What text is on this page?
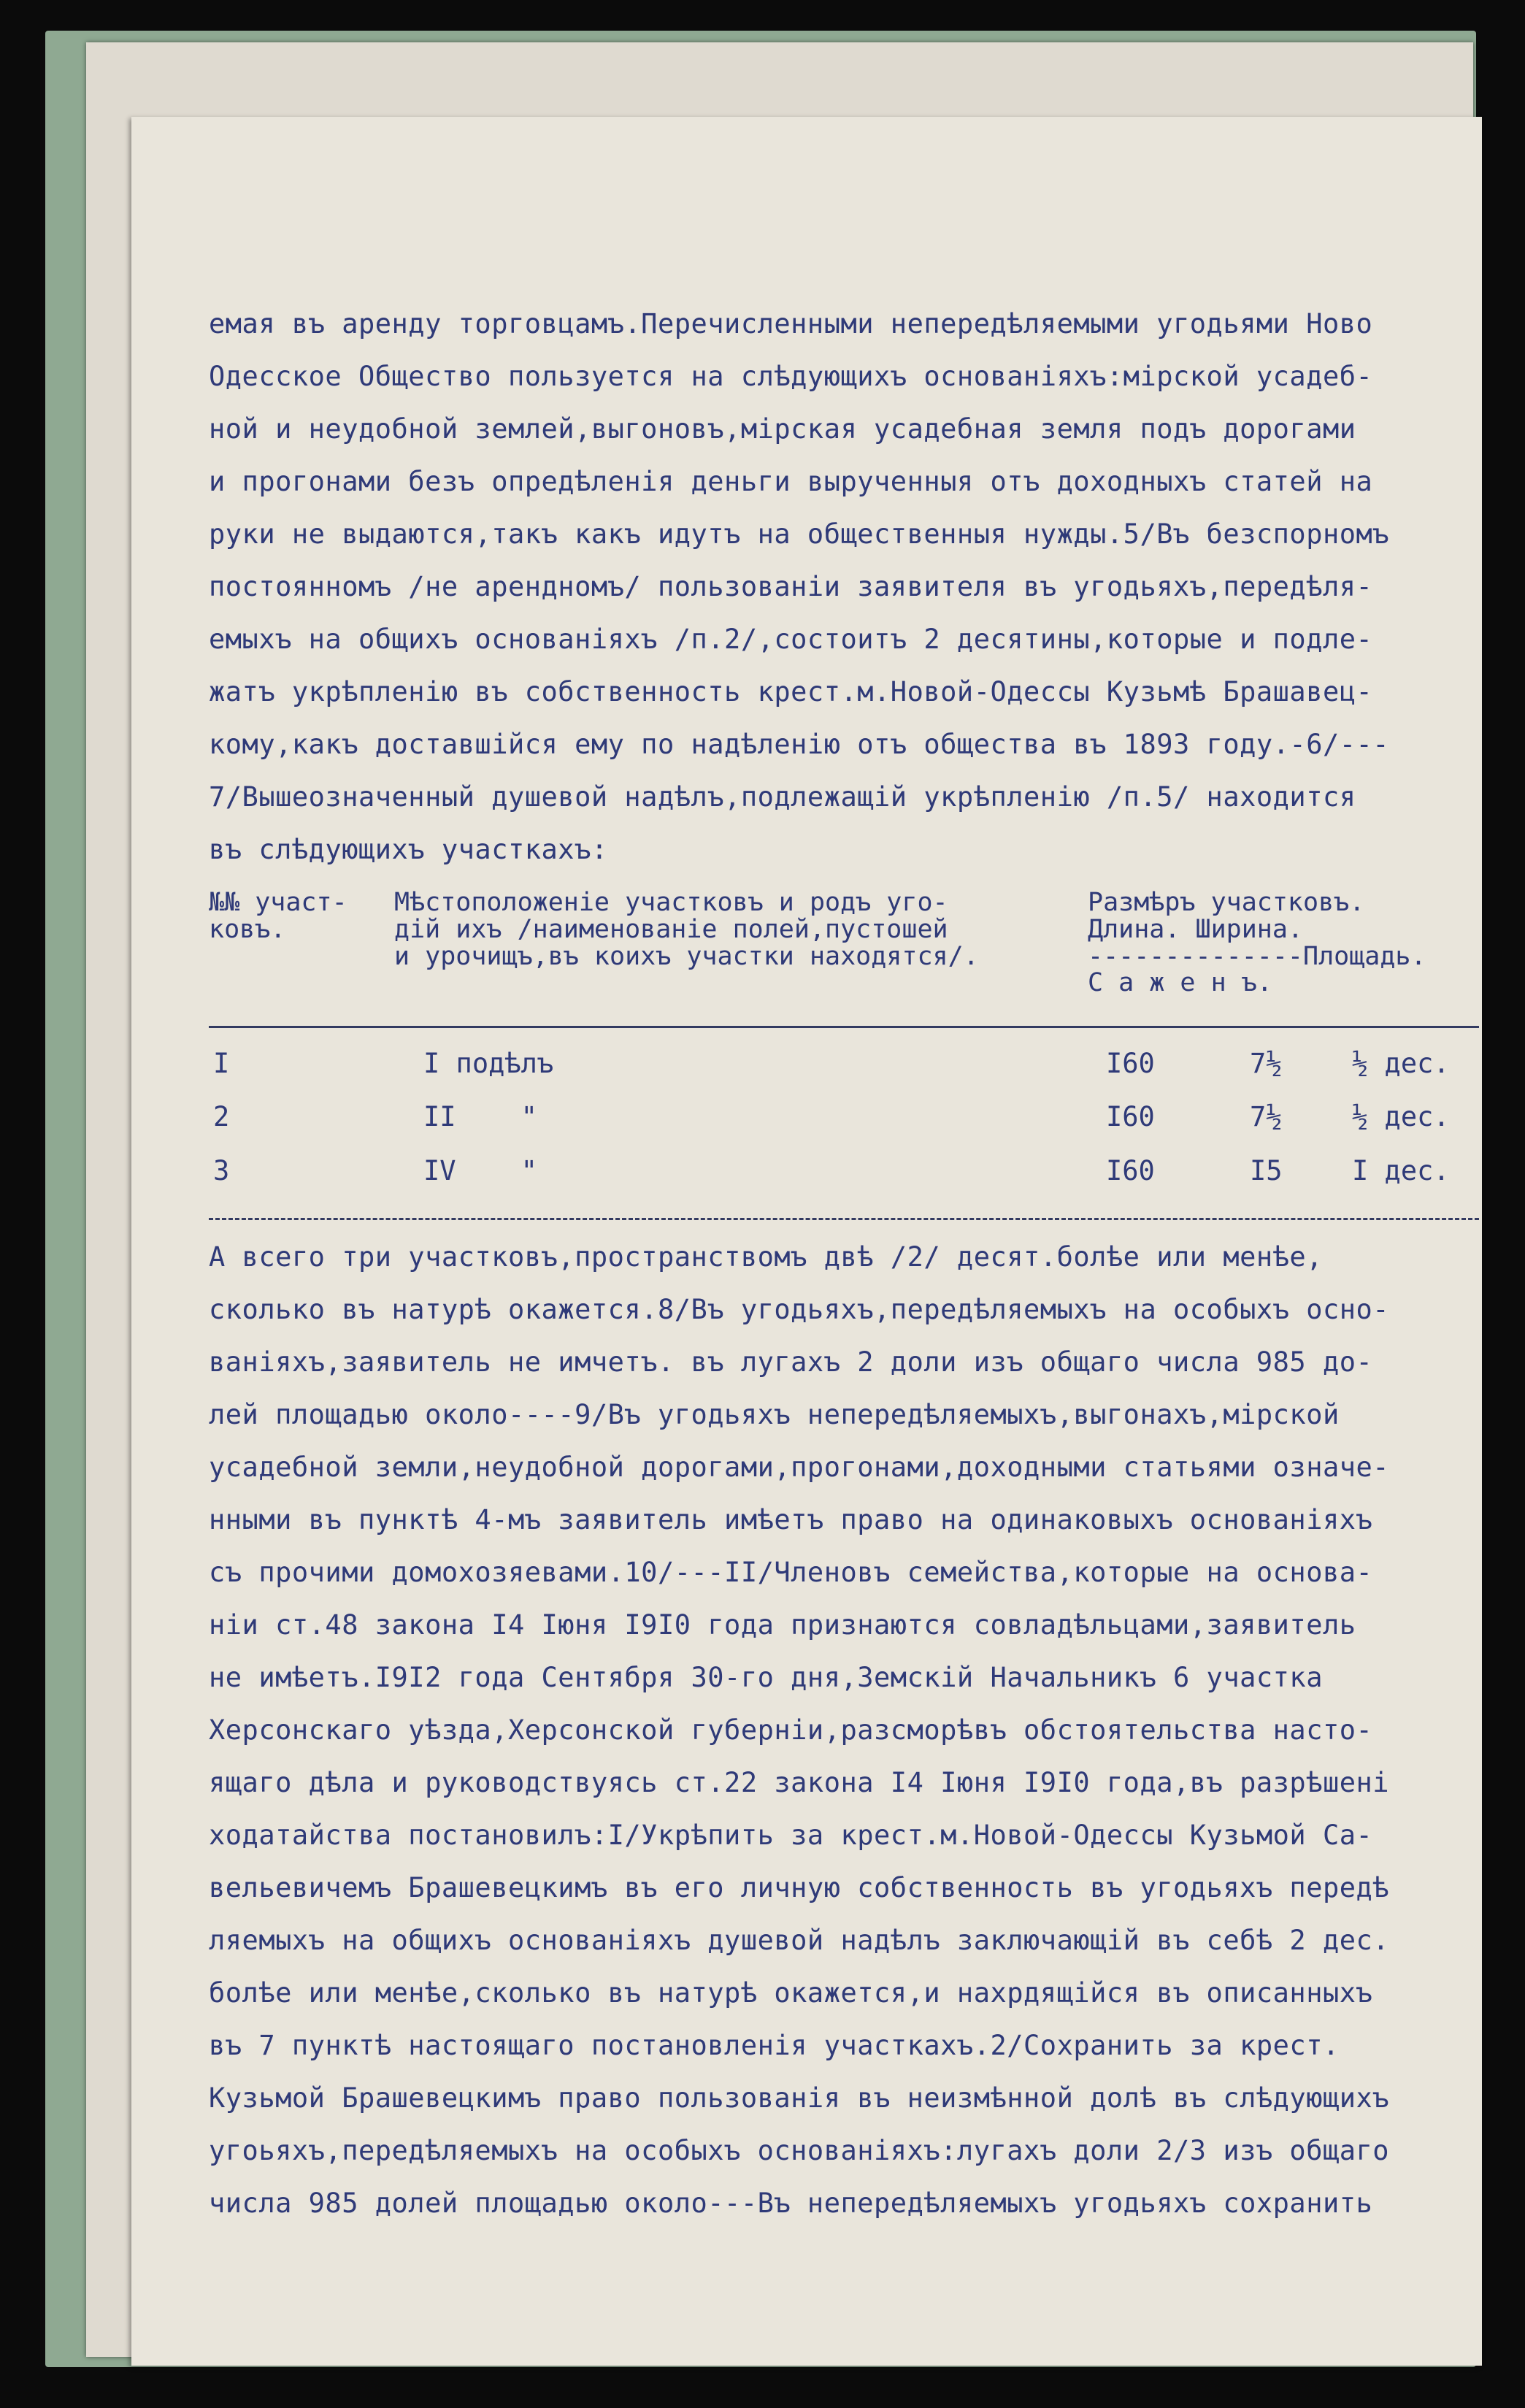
емая въ аренду торговцамъ.Перечисленными непередѣляемыми угодьями Ново
Одесское Общество пользуется на слѣдующихъ основаніяхъ:мірской усадеб-
ной и неудобной землей,выгоновъ,мірская усадебная земля подъ дорогами
и прогонами безъ опредѣленія деньги вырученныя отъ доходныхъ статей на
руки не выдаются,такъ какъ идутъ на общественныя нужды.5/Въ безспорномъ
постоянномъ /не арендномъ/ пользованіи заявителя въ угодьяхъ,передѣля-
емыхъ на общихъ основаніяхъ /п.2/,состоитъ 2 десятины,которые и подле-
жатъ укрѣпленію въ собственность крест.м.Новой-Одессы Кузьмѣ Брашавец-
кому,какъ доставшійся ему по надѣленію отъ общества въ 1893 году.-6/---
7/Вышеозначенный душевой надѣлъ,подлежащій укрѣпленію /п.5/ находится
въ слѣдующихъ участкахъ:
№№ участ-
ковъ.
Мѣстоположеніе участковъ и родъ уго-
дій ихъ /наименованіе полей,пустошей
и урочищъ,въ коихъ участки находятся/.
Размѣръ участковъ.
Длина. Ширина.
--------------Площадь.
С а ж е н ъ.
I	I подѣлъ	I60	7½	½ дес.
2	II    "	I60	7½	½ дес.
3	IV    "	I60	I5	I дес.
А всего три участковъ,пространствомъ двѣ /2/ десят.болѣе или менѣе,
сколько въ натурѣ окажется.8/Въ угодьяхъ,передѣляемыхъ на особыхъ осно-
ваніяхъ,заявитель не имчетъ. въ лугахъ 2 доли изъ общаго числа 985 до-
лей площадью около----9/Въ угодьяхъ непередѣляемыхъ,выгонахъ,мірской
усадебной земли,неудобной дорогами,прогонами,доходными статьями означе-
нными въ пунктѣ 4-мъ заявитель имѣетъ право на одинаковыхъ основаніяхъ
съ прочими домохозяевами.10/---II/Членовъ семейства,которые на основа-
ніи ст.48 закона I4 Іюня I9I0 года признаются совладѣльцами,заявитель
не имѣетъ.I9I2 года Сентября 30-го дня,Земскій Начальникъ 6 участка
Херсонскаго уѣзда,Херсонской губерніи,разсморѣвъ обстоятельства насто-
ящаго дѣла и руководствуясь ст.22 закона I4 Іюня I9I0 года,въ разрѣшені
ходатайства постановилъ:I/Укрѣпить за крест.м.Новой-Одессы Кузьмой Са-
вельевичемъ Брашевецкимъ въ его личную собственность въ угодьяхъ передѣ
ляемыхъ на общихъ основаніяхъ душевой надѣлъ заключающій въ себѣ 2 дес.
болѣе или менѣе,сколько въ натурѣ окажется,и нахрдящійся въ описанныхъ
въ 7 пунктѣ настоящаго постановленія участкахъ.2/Сохранить за крест.
Кузьмой Брашевецкимъ право пользованія въ неизмѣнной долѣ въ слѣдующихъ
угоьяхъ,передѣляемыхъ на особыхъ основаніяхъ:лугахъ доли 2/3 изъ общаго
числа 985 долей площадью около---Въ непередѣляемыхъ угодьяхъ сохранить
